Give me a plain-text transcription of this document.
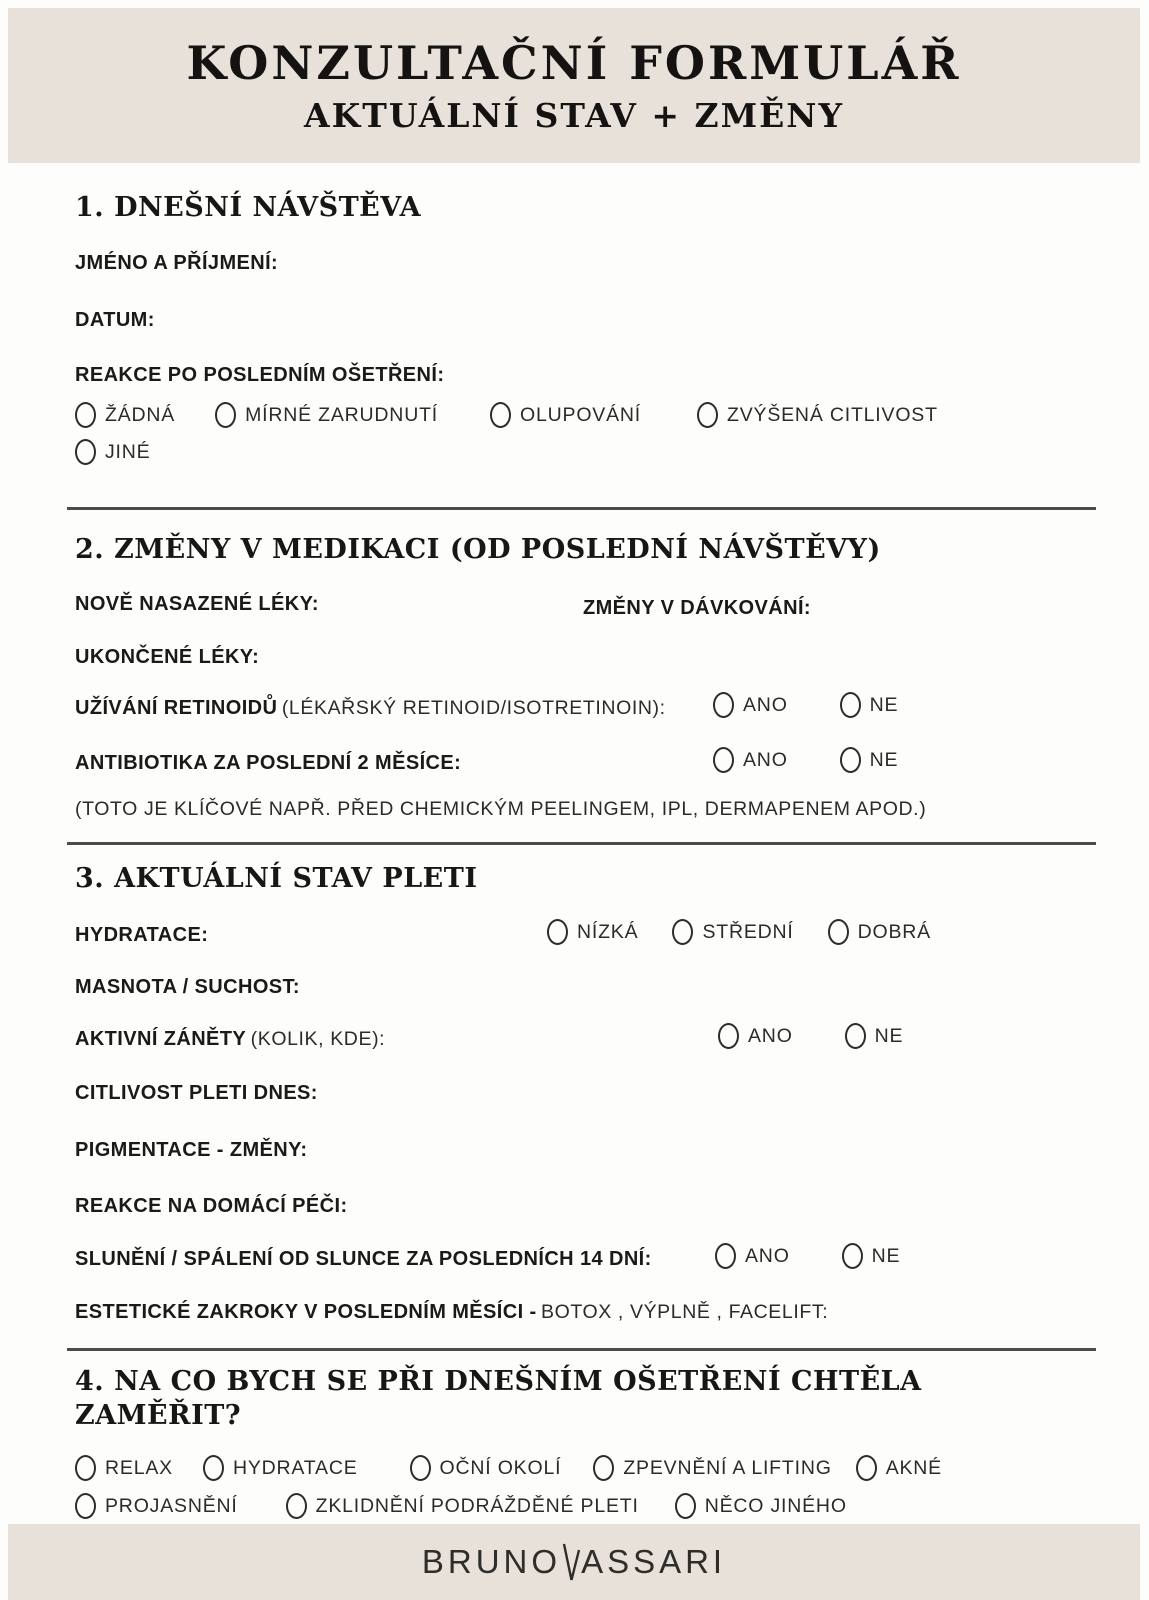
KONZULTAČNÍ FORMULÁŘ
AKTUÁLNÍ STAV + ZMĚNY
1. DNEŠNÍ NÁVŠTĚVA
JMÉNO A PŘÍJMENÍ:
DATUM:
REAKCE PO POSLEDNÍM OŠETŘENÍ:
ŽÁDNÁ	MÍRNÉ ZARUDNUTÍ	OLUPOVÁNÍ	ZVÝŠENÁ CITLIVOST
JINÉ
2. ZMĚNY V MEDIKACI (OD POSLEDNÍ NÁVŠTĚVY)
NOVĚ NASAZENÉ LÉKY:	ZMĚNY V DÁVKOVÁNÍ:
UKONČENÉ LÉKY:
UŽÍVÁNÍ RETINOIDŮ (LÉKAŘSKÝ RETINOID/ISOTRETINOIN):	ANO	NE
ANTIBIOTIKA ZA POSLEDNÍ 2 MĚSÍCE:	ANO	NE
(TOTO JE KLÍČOVÉ NAPŘ. PŘED CHEMICKÝM PEELINGEM, IPL, DERMAPENEM APOD.)
3. AKTUÁLNÍ STAV PLETI
HYDRATACE:	NÍZKÁ	STŘEDNÍ	DOBRÁ
MASNOTA / SUCHOST:
AKTIVNÍ ZÁNĚTY (KOLIK, KDE):	ANO	NE
CITLIVOST PLETI DNES:
PIGMENTACE - ZMĚNY:
REAKCE NA DOMÁCÍ PÉČI:
SLUNĚNÍ / SPÁLENÍ OD SLUNCE ZA POSLEDNÍCH 14 DNÍ:	ANO	NE
ESTETICKÉ ZAKROKY V POSLEDNÍM MĚSÍCI - BOTOX , VÝPLNĚ , FACELIFT:
4. NA CO BYCH SE PŘI DNEŠNÍM OŠETŘENÍ CHTĚLA ZAMĚŘIT?
RELAX	HYDRATACE	OČNÍ OKOLÍ	ZPEVNĚNÍ A LIFTING	AKNÉ
PROJASNĚNÍ	ZKLIDNĚNÍ PODRÁŽDĚNÉ PLETI	NĚCO JINÉHO
BRUNO ASSARI
